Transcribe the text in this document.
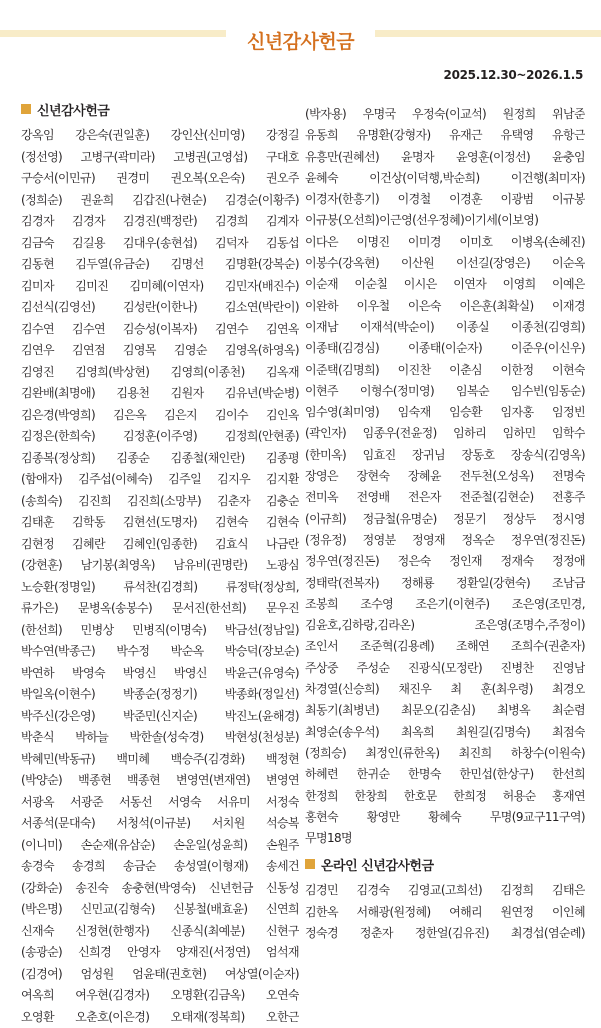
신년감사헌금
2025.12.30~2026.1.5
신년감사헌금
강옥임 강은숙(권일훈) 강인산(신미영) 강정길
(정선영) 고병구(곽미라) 고병권(고영섭) 구대호
구승서(이민규) 권경미 권오복(오은숙) 권오주
(정희순) 권윤희 김갑진(나현순) 김경순(이황주)
김경자 김경자 김경진(백정란) 김경희 김계자
김금숙 김길용 김대우(송현섭) 김덕자 김동섭
김동현 김두열(유금순) 김명선 김명환(강복순)
김미자 김미진 김미혜(이연자) 김민자(배진수)
김선식(김영선) 김성란(이한나) 김소연(박란이)
김수연 김수연 김승성(이복자) 김연수 김연옥
김연우 김연점 김영목 김영순 김영옥(하영옥)
김영진 김영희(박상현) 김영희(이종천) 김옥재
김완배(최명애) 김용천 김원자 김유년(박순병)
김은경(박영희) 김은옥 김은지 김이수 김인옥
김정은(한희숙) 김정훈(이주영) 김정희(안현종)
김종복(정상희) 김종순 김종철(채인란) 김종평
(함애자) 김주섭(이혜숙) 김주일 김지우 김지환
(송희숙) 김진희 김진희(소망부) 김춘자 김충순
김태훈 김학동 김현선(도명자) 김현숙 김현숙
김현정 김혜란 김혜인(임종한) 김효식 나금란
(강현훈) 남기봉(최영옥) 남유비(권명란) 노광심
노승환(정명일) 류석찬(김경희) 류정탁(정상희,
류가은) 문병옥(송봉수) 문서진(한선희) 문우진
(한선희) 민병상 민병직(이명숙) 박금선(정남일)
박수연(박종근) 박수정 박순옥 박승덕(장보순)
박연하 박영숙 박영신 박영신 박윤근(유영숙)
박일옥(이현수) 박종순(정정기) 박종화(정일선)
박주신(강은영) 박준민(신지순) 박진노(윤해경)
박춘식 박하늘 박한솔(성숙경) 박현성(천성분)
박혜민(박동규) 백미혜 백승주(김경화) 백정현
(박양순) 백종현 백종현 변영연(변재연) 변영연
서광옥 서광준 서동선 서영숙 서유미 서정숙
서종석(문대숙) 서청석(이규분) 서치원 석승복
(이니미) 손순재(유삼순) 손운일(성윤희) 손원주
송경숙 송경희 송금순 송성열(이형재) 송세건
(강화순) 송진숙 송충현(박영숙) 신년헌금 신동성
(박은명) 신민교(김형숙) 신봉철(배효윤) 신연희
신재숙 신정현(한행자) 신종식(최예분) 신현구
(송광순) 신희경 안영자 양재진(서정연) 엄석재
(김경여) 엄성원 엄윤태(권호현) 여상열(이순자)
여옥희 여우현(김경자) 오명환(김금옥) 오연숙
오영환 오춘호(이은경) 오태재(정복희) 오한근
(박자용) 우명국 우정숙(이교석) 원정희 위남준
유동희 유명환(강형자) 유재근 유택영 유항근
유흥만(권혜선) 윤명자 윤영훈(이정선) 윤충임
윤혜숙 이건상(이덕행,박순희) 이건행(최미자)
이경자(한흥기) 이경철 이경훈 이광범 이규봉
이규붕(오선희)이근영(선우정혜)이기세(이보영)
이다은 이명진 이미경 이미호 이병옥(손혜진)
이봉수(강옥현) 이산원 이선길(장영은) 이순옥
이순재 이순칠 이시은 이연자 이영희 이예은
이완하 이우철 이은숙 이은훈(최확실) 이재경
이재남 이재석(박순이) 이종실 이종천(김영희)
이종태(김경심) 이종태(이순자) 이준우(이신우)
이준택(김명희) 이진찬 이춘심 이한정 이현숙
이현주 이형수(정미영) 임복순 임수빈(임동순)
임수영(최미영) 임숙재 임승환 임자홍 임정빈
(곽인자) 임종우(전윤정) 임하리 임하민 임학수
(한미옥) 임효진 장귀님 장동호 장송식(김영옥)
장영은 장현숙 장혜윤 전두천(오성옥) 전명숙
전미옥 전영배 전은자 전준철(김현순) 전홍주
(이규희) 정금철(유명순) 정문기 정상두 정시영
(정유정) 정영분 정영재 정옥순 정우연(정진돈)
정우연(정진돈) 정은숙 정인재 정재숙 정정애
정태락(전복자) 정해룡 정환일(강현숙) 조남금
조봉희 조수영 조은기(이현주) 조은영(조민경,
김윤호,김하랑,김라온) 조은영(조명수,주정이)
조인서 조준혁(김용례) 조해연 조희수(권춘자)
주상중 주성순 진광식(모정란) 진병찬 진영남
차경열(신승희) 채진우 최 훈(최우령) 최경오
최동기(최병년) 최문오(김춘심) 최병옥 최순렴
최영순(송우석) 최옥희 최원길(김명숙) 최점숙
(정희승) 최정인(류한옥) 최진희 하창수(이원숙)
하혜련 한귀순 한명숙 한민섭(한상구) 한선희
한정희 한창희 한호문 한희정 허용순 홍재연
홍현숙 황영만 황혜숙 무명(9교구11구역)
무명18명
온라인 신년감사헌금
김경민 김경숙 김영교(고희선) 김정희 김태은
김한옥 서해광(원정혜) 여해리 원연정 이인혜
정숙경 정춘자 정한얼(김유진) 최경섭(염순례)
